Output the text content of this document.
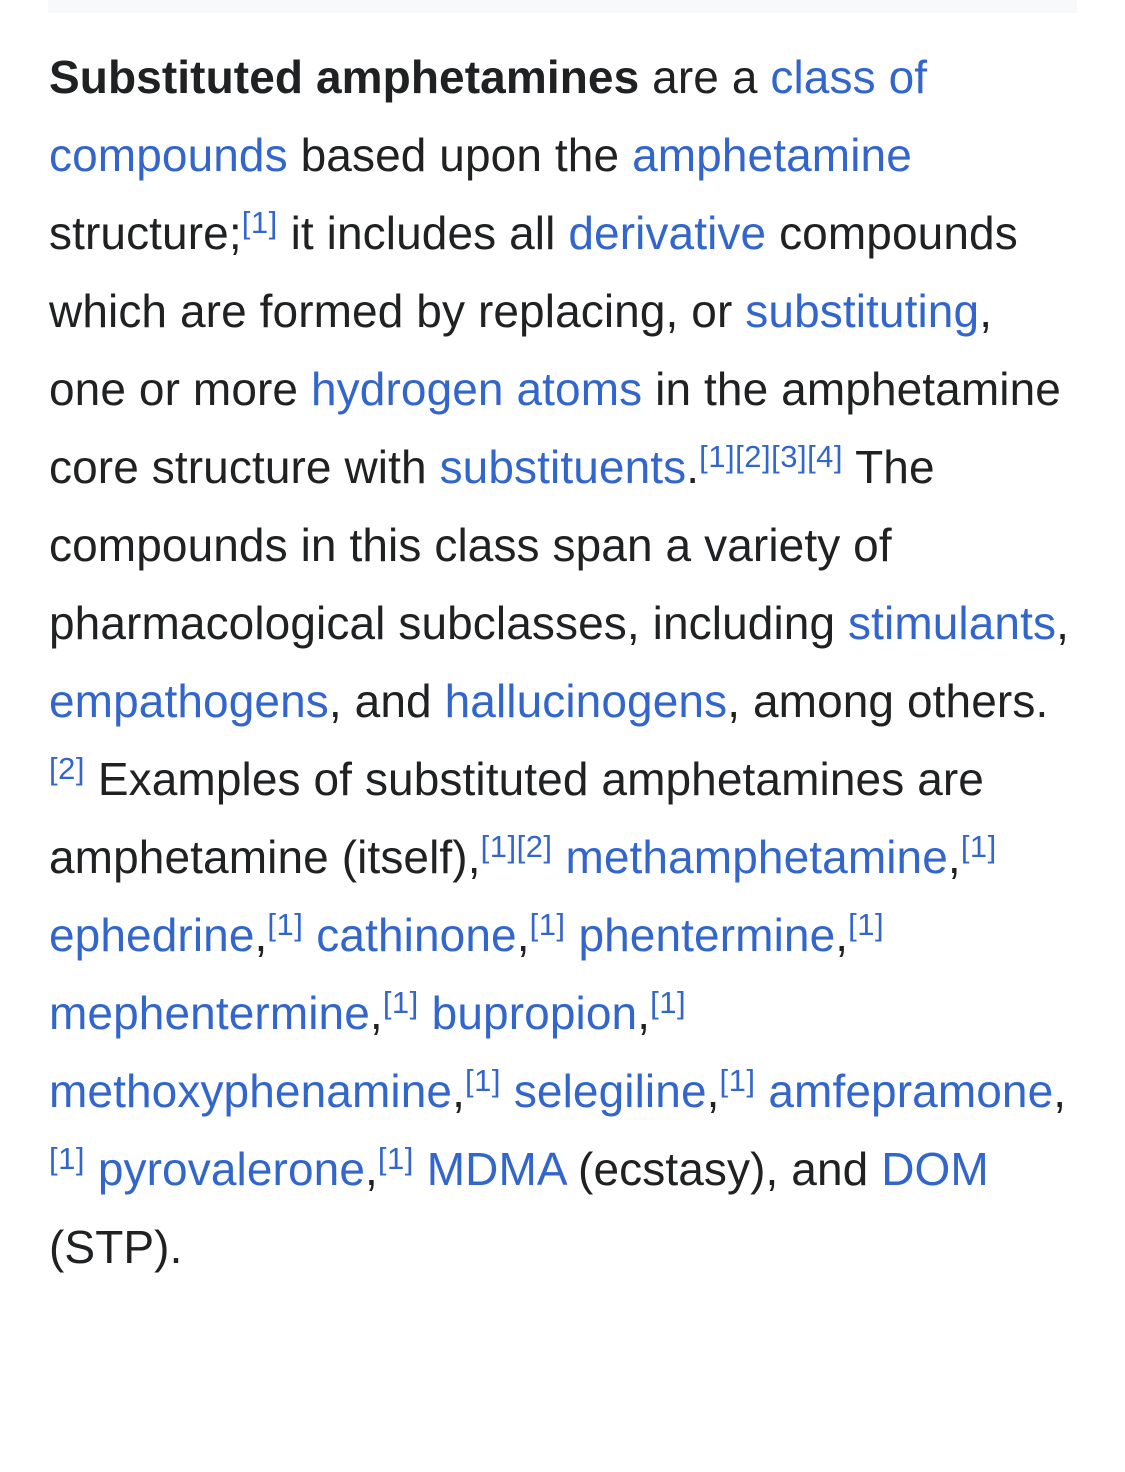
Substituted amphetamines are a class of compounds based upon the amphetamine structure;[1] it includes all derivative compounds which are formed by replacing, or substituting, one or more hydrogen atoms in the amphetamine core structure with substituents.[1][2][3][4] The compounds in this class span a variety of pharmacological subclasses, including stimulants, empathogens, and hallucinogens, among others.[2] Examples of substituted amphetamines are amphetamine (itself),[1][2] methamphetamine,[1] ephedrine,[1] cathinone,[1] phentermine,[1] mephentermine,[1] bupropion,[1] methoxyphenamine,[1] selegiline,[1] amfepramone,[1] pyrovalerone,[1] MDMA (ecstasy), and DOM (STP).
